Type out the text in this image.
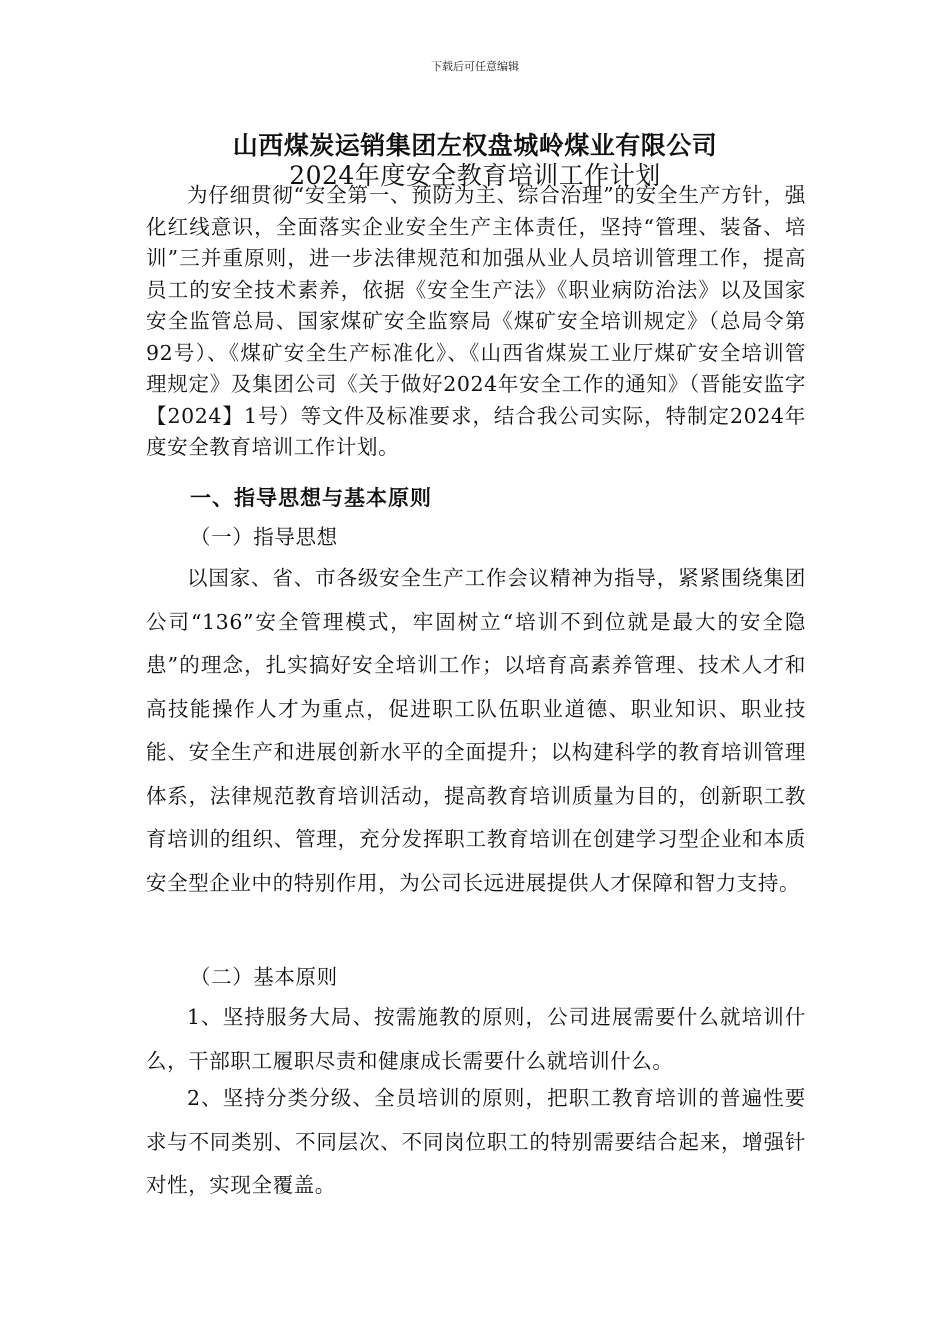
下载后可任意编辑
山西煤炭运销集团左权盘城岭煤业有限公司
2024年度安全教育培训工作计划

为仔细贯彻“安全第一、预防为主、综合治理”的安全生产方针，强化红线意识，全面落实企业安全生产主体责任，坚持“管理、装备、培训”三并重原则，进一步法律规范和加强从业人员培训管理工作，提高员工的安全技术素养，依据《安全生产法》《职业病防治法》以及国家安全监管总局、国家煤矿安全监察局《煤矿安全培训规定》（总局令第92号）、《煤矿安全生产标准化》、《山西省煤炭工业厅煤矿安全培训管理规定》及集团公司《关于做好2024年安全工作的通知》（晋能安监字【2024】1号）等文件及标准要求，结合我公司实际，特制定2024年度安全教育培训工作计划。

一、指导思想与基本原则
（一）指导思想

以国家、省、市各级安全生产工作会议精神为指导，紧紧围绕集团公司“136”安全管理模式，牢固树立“培训不到位就是最大的安全隐患”的理念，扎实搞好安全培训工作；以培育高素养管理、技术人才和高技能操作人才为重点，促进职工队伍职业道德、职业知识、职业技能、安全生产和进展创新水平的全面提升；以构建科学的教育培训管理体系，法律规范教育培训活动，提高教育培训质量为目的，创新职工教育培训的组织、管理，充分发挥职工教育培训在创建学习型企业和本质安全型企业中的特别作用，为公司长远进展提供人才保障和智力支持。

（二）基本原则

1、坚持服务大局、按需施教的原则，公司进展需要什么就培训什么，干部职工履职尽责和健康成长需要什么就培训什么。

2、坚持分类分级、全员培训的原则，把职工教育培训的普遍性要求与不同类别、不同层次、不同岗位职工的特别需要结合起来，增强针对性，实现全覆盖。
